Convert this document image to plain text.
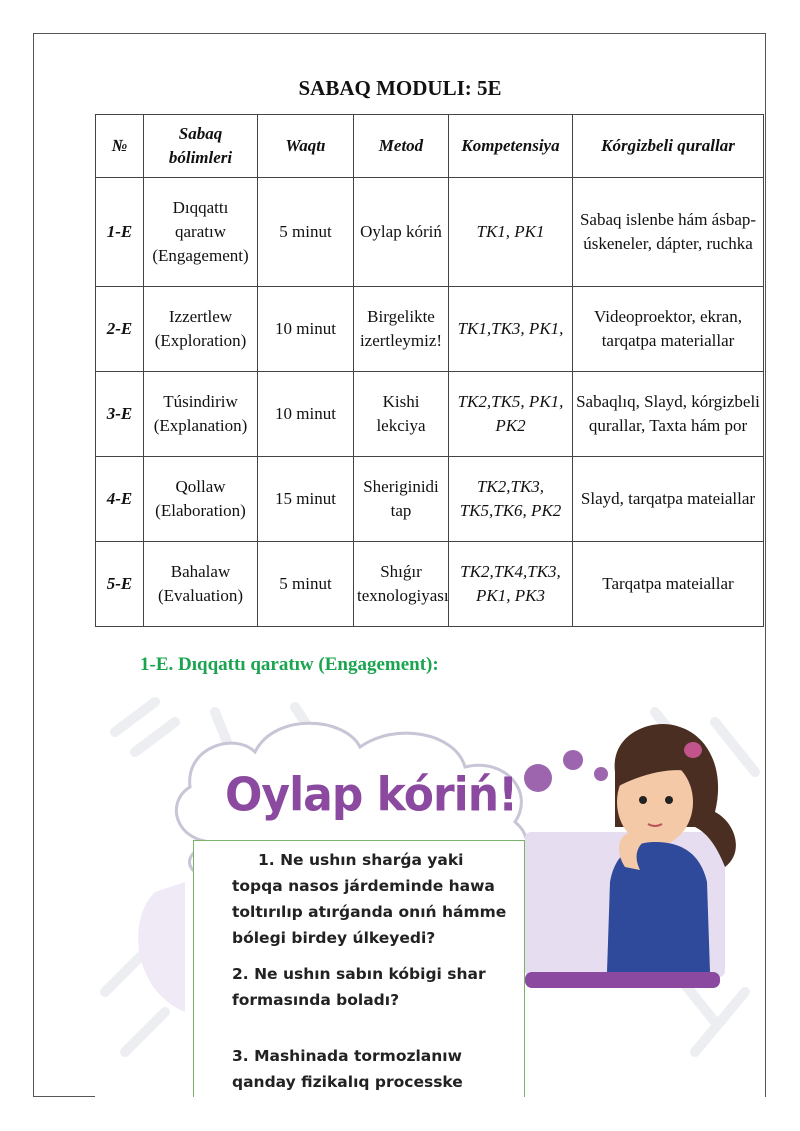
SABAQ MODULI: 5E
№	Sabaq bólimleri	Waqtı	Metod	Kompetensiya	Kórgizbeli qurallar
1-E	Dıqqattı qaratıw (Engagement)	5 minut	Oylap kóriń	TK1, PK1	Sabaq islenbe hám ásbap-úskeneler, dápter, ruchka
2-E	Izzertlew (Exploration)	10 minut	Birgelikte izertleymiz!	TK1,TK3, PK1,	Videoproektor, ekran, tarqatpa materiallar
3-E	Túsindiriw (Explanation)	10 minut	Kishi lekciya	TK2,TK5, PK1, PK2	Sabaqlıq, Slayd, kórgizbeli qurallar, Taxta hám por
4-E	Qollaw (Elaboration)	15 minut	Sheriginidi tap	TK2,TK3, TK5,TK6, PK2	Slayd, tarqatpa mateiallar
5-E	Bahalaw (Evaluation)	5 minut	Shıǵır texnologiyası	TK2,TK4,TK3, PK1, PK3	Tarqatpa mateiallar
1-E. Dıqqattı qaratıw (Engagement):
Oylap kóriń!

1. Ne ushın sharǵa yaki topqa nasos járdeminde hawa toltırılıp atırǵanda onıń hámme bólegi birdey úlkeyedi?

2. Ne ushın sabın kóbigi shar formasında boladı?

3. Mashinada tormozlanıw qanday fizikalıq processke
